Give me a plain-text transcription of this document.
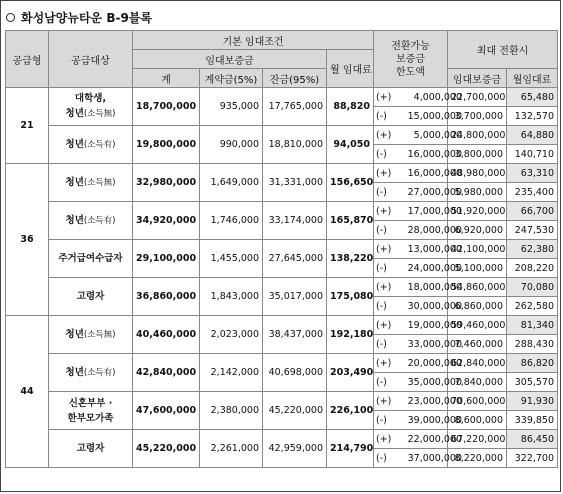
화성남양뉴타운 B-9블록
공급형	공급대상	기본 임대조건				전환가능
보증금
한도액	최대 전환시	
		임대보증금			월 임대료			
		계	계약금(5%)	잔금(95%)			임대보증금	월임대료
21	대학생,
청년(소득無)	18,700,000	935,000	17,765,000	88,820	(+) 4,000,000	22,700,000	65,480
						(-) 15,000,000	3,700,000	132,570
	청년(소득有)	19,800,000	990,000	18,810,000	94,050	(+) 5,000,000	24,800,000	64,880
						(-) 16,000,000	3,800,000	140,710
36	청년(소득無)	32,980,000	1,649,000	31,331,000	156,650	(+) 16,000,000	48,980,000	63,310
						(-) 27,000,000	5,980,000	235,400
	청년(소득有)	34,920,000	1,746,000	33,174,000	165,870	(+) 17,000,000	51,920,000	66,700
						(-) 28,000,000	6,920,000	247,530
	주거급여수급자	29,100,000	1,455,000	27,645,000	138,220	(+) 13,000,000	42,100,000	62,380
						(-) 24,000,000	5,100,000	208,220
	고령자	36,860,000	1,843,000	35,017,000	175,080	(+) 18,000,000	54,860,000	70,080
						(-) 30,000,000	6,860,000	262,580
44	청년(소득無)	40,460,000	2,023,000	38,437,000	192,180	(+) 19,000,000	59,460,000	81,340
						(-) 33,000,000	7,460,000	288,430
	청년(소득有)	42,840,000	2,142,000	40,698,000	203,490	(+) 20,000,000	62,840,000	86,820
						(-) 35,000,000	7,840,000	305,570
	신혼부부 ·
한부모가족	47,600,000	2,380,000	45,220,000	226,100	(+) 23,000,000	70,600,000	91,930
						(-) 39,000,000	8,600,000	339,850
	고령자	45,220,000	2,261,000	42,959,000	214,790	(+) 22,000,000	67,220,000	86,450
						(-) 37,000,000	8,220,000	322,700
